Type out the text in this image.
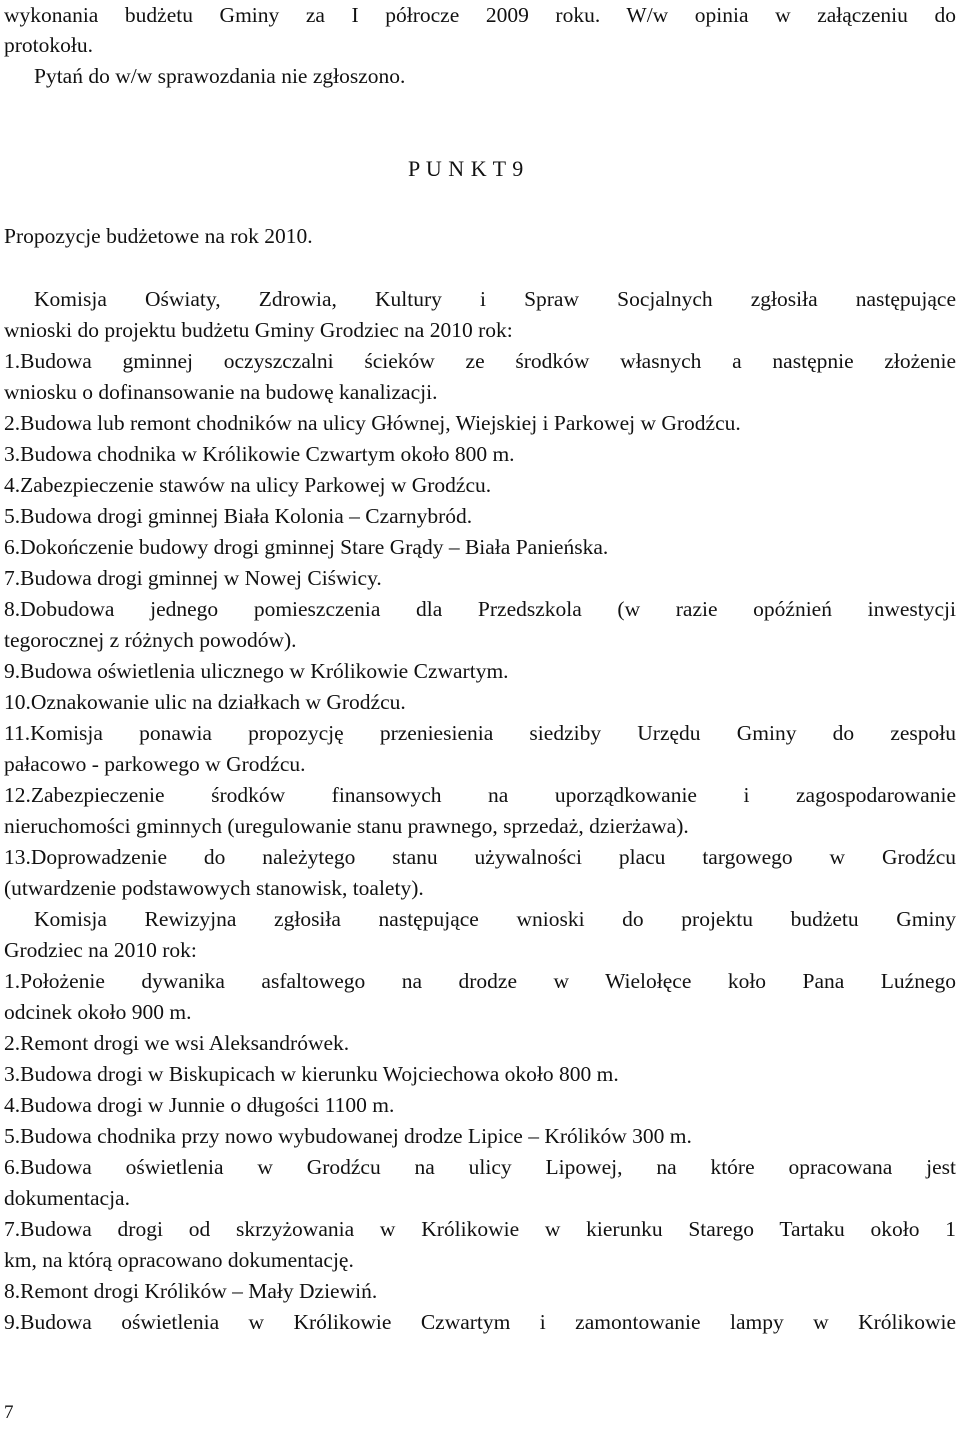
wykonania budżetu Gminy za I półrocze 2009 roku. W/w opinia w załączeniu do
protokołu.
Pytań do w/w sprawozdania nie zgłoszono.
P U N K T 9
Propozycje budżetowe na rok 2010.
Komisja Oświaty, Zdrowia, Kultury i Spraw Socjalnych zgłosiła następujące
wnioski do projektu budżetu Gminy Grodziec na 2010 rok:
1.Budowa gminnej oczyszczalni ścieków ze środków własnych a następnie złożenie
wniosku o dofinansowanie na budowę kanalizacji.
2.Budowa lub remont chodników na ulicy Głównej, Wiejskiej i Parkowej w Grodźcu.
3.Budowa chodnika w Królikowie Czwartym około 800 m.
4.Zabezpieczenie stawów na ulicy Parkowej w Grodźcu.
5.Budowa drogi gminnej Biała Kolonia – Czarnybród.
6.Dokończenie budowy drogi gminnej Stare Grądy – Biała Panieńska.
7.Budowa drogi gminnej w Nowej Ciświcy.
8.Dobudowa jednego pomieszczenia dla Przedszkola (w razie opóźnień inwestycji
tegorocznej z różnych powodów).
9.Budowa oświetlenia ulicznego w Królikowie Czwartym.
10.Oznakowanie ulic na działkach w Grodźcu.
11.Komisja ponawia propozycję przeniesienia siedziby Urzędu Gminy do zespołu
pałacowo - parkowego w Grodźcu.
12.Zabezpieczenie środków finansowych na uporządkowanie i zagospodarowanie
nieruchomości gminnych (uregulowanie stanu prawnego, sprzedaż, dzierżawa).
13.Doprowadzenie do należytego stanu używalności placu targowego w Grodźcu
(utwardzenie podstawowych stanowisk, toalety).
Komisja Rewizyjna zgłosiła następujące wnioski do projektu budżetu Gminy
Grodziec na 2010 rok:
1.Położenie dywanika asfaltowego na drodze w Wielołęce koło Pana Luźnego
odcinek około 900 m.
2.Remont drogi we wsi Aleksandrówek.
3.Budowa drogi w Biskupicach w kierunku Wojciechowa około 800 m.
4.Budowa drogi w Junnie o długości 1100 m.
5.Budowa chodnika przy nowo wybudowanej drodze Lipice – Królików 300 m.
6.Budowa oświetlenia w Grodźcu na ulicy Lipowej, na które opracowana jest
dokumentacja.
7.Budowa drogi od skrzyżowania w Królikowie w kierunku Starego Tartaku około 1
km, na którą opracowano dokumentację.
8.Remont drogi Królików – Mały Dziewiń.
9.Budowa oświetlenia w Królikowie Czwartym i zamontowanie lampy w Królikowie
7
